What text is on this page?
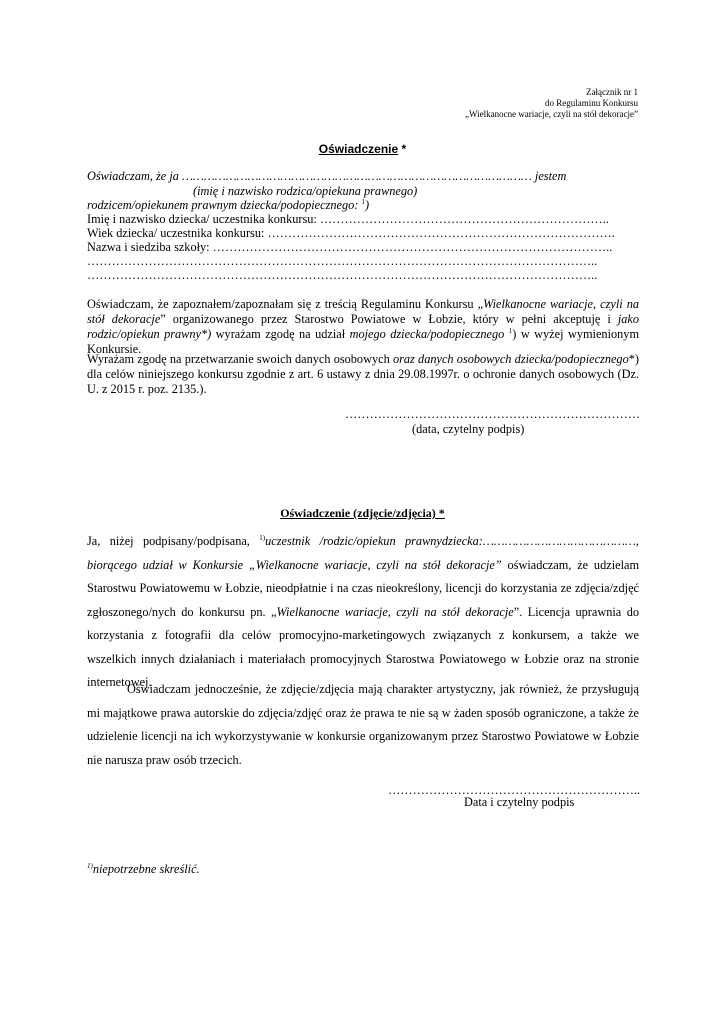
Załącznik nr 1
do Regulaminu Konkursu
„Wielkanocne wariacje, czyli na stół dekoracje”
Oświadczenie *
Oświadczam, że ja …………………………………………………………………………………… jestem
(imię i nazwisko rodzica/opiekuna prawnego)
rodzicem/opiekunem prawnym dziecka/podopiecznego: $^1$)
Imię i nazwisko dziecka/ uczestnika konkursu: ……………………………………………………………..
Wiek dziecka/ uczestnika konkursu: ………………………………………………………………………….
Nazwa i siedziba szkoły: ……………………………………………………………………………………..
……………………………………………………………………………………………………………..
……………………………………………………………………………………………………………..
Oświadczam, że zapoznałem/zapoznałam się z treścią Regulaminu Konkursu „Wielkanocne wariacje, czyli na stół dekoracje” organizowanego przez Starostwo Powiatowe w Łobzie, który w pełni akceptuję i jako rodzic/opiekun prawny*) wyrażam zgodę na udział mojego dziecka/podopiecznego $^1$) w wyżej wymienionym Konkursie.
Wyrażam zgodę na przetwarzanie swoich danych osobowych oraz danych osobowych dziecka/podopiecznego*) dla celów niniejszego konkursu zgodnie z art. 6 ustawy z dnia 29.08.1997r. o ochronie danych osobowych (Dz. U. z 2015 r. poz. 2135.).
………………………………………………………………
(data, czytelny podpis)
Oświadczenie (zdjęcie/zdjęcia) *
Ja, niżej podpisany/podpisana, $^{1)}$uczestnik /rodzic/opiekun prawnydziecka:……………………………………, biorącego udział w Konkursie „Wielkanocne wariacje, czyli na stół dekoracje” oświadczam, że udzielam Starostwu Powiatowemu w Łobzie, nieodpłatnie i na czas nieokreślony, licencji do korzystania ze zdjęcia/zdjęć zgłoszonego/nych do konkursu pn. „Wielkanocne wariacje, czyli na stół dekoracje”. Licencja uprawnia do korzystania z fotografii dla celów promocyjno-marketingowych związanych z konkursem, a także we wszelkich innych działaniach i materiałach promocyjnych Starostwa Powiatowego w Łobzie oraz na stronie internetowej.
Oświadczam jednocześnie, że zdjęcie/zdjęcia mają charakter artystyczny, jak również, że przysługują mi majątkowe prawa autorskie do zdjęcia/zdjęć oraz że prawa te nie są w żaden sposób ograniczone, a także że udzielenie licencji na ich wykorzystywanie w konkursie organizowanym przez Starostwo Powiatowe w Łobzie nie narusza praw osób trzecich.
……………………………………………………..
Data i czytelny podpis
$^{1)}$niepotrzebne skreślić.
